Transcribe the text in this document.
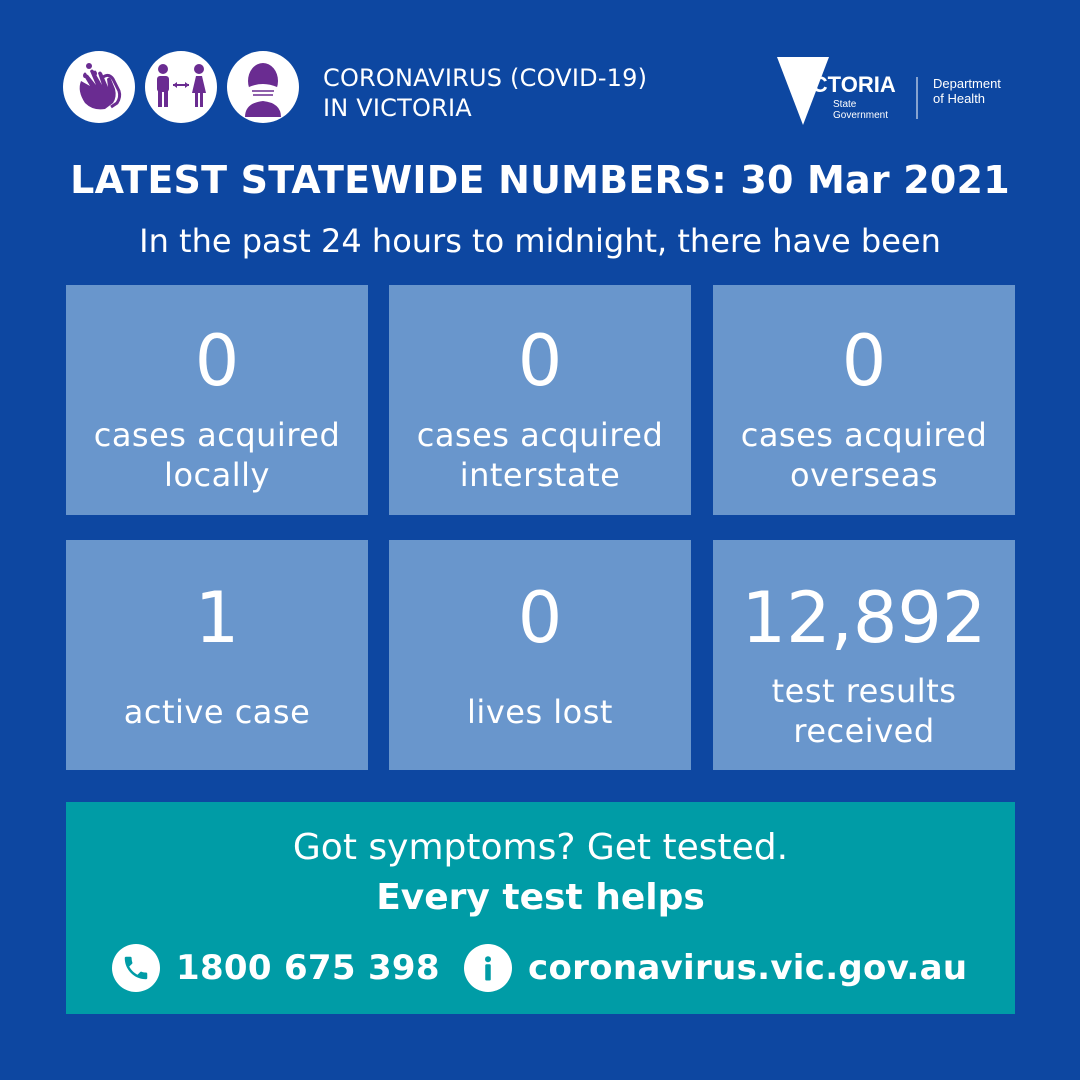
CORONAVIRUS (COVID-19)
IN VICTORIA
VICTORIA
State
Government
Department
of Health
LATEST STATEWIDE NUMBERS: 30 Mar 2021
In the past 24 hours to midnight, there have been
0
cases acquired
locally
0
cases acquired
interstate
0
cases acquired
overseas
1
active case
0
lives lost
12,892
test results
received
Got symptoms? Get tested.
Every test helps
1800 675 398	coronavirus.vic.gov.au
